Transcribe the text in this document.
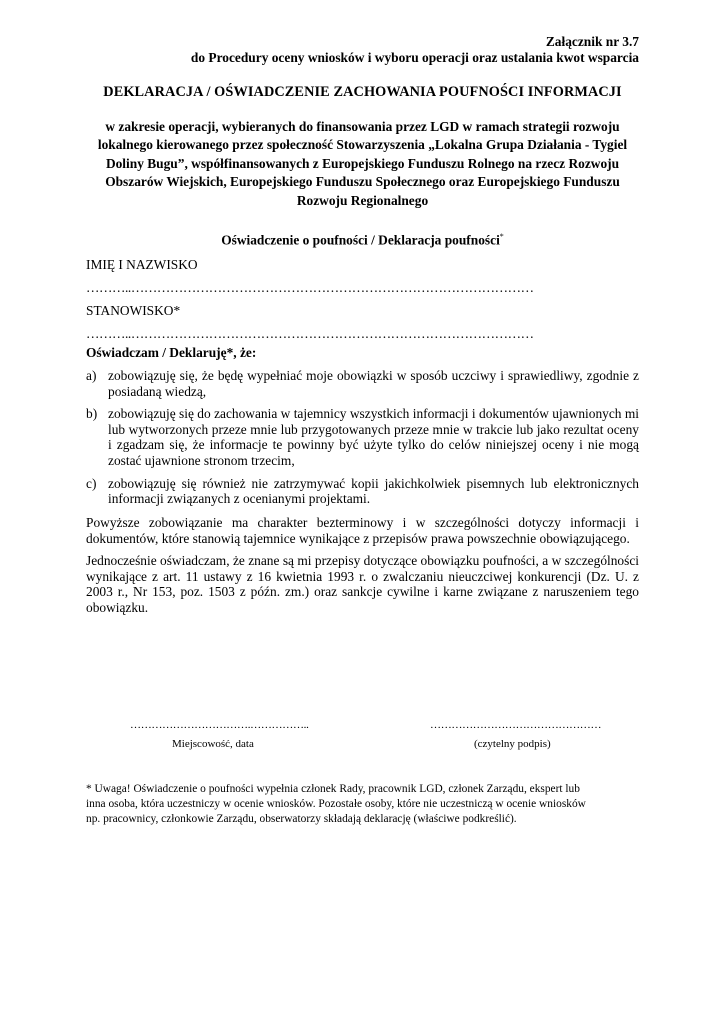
Załącznik nr 3.7
do Procedury oceny wniosków i wyboru operacji oraz ustalania kwot wsparcia
DEKLARACJA / OŚWIADCZENIE ZACHOWANIA POUFNOŚCI INFORMACJI
w zakresie operacji, wybieranych do finansowania przez LGD w ramach strategii rozwoju
lokalnego kierowanego przez społeczność Stowarzyszenia „Lokalna Grupa Działania - Tygiel
Doliny Bugu”, współfinansowanych z Europejskiego Funduszu Rolnego na rzecz Rozwoju
Obszarów Wiejskich, Europejskiego Funduszu Społecznego oraz Europejskiego Funduszu
Rozwoju Regionalnego
Oświadczenie o poufności / Deklaracja poufności*
IMIĘ I NAZWISKO
………..…………………………………………………………………………………
STANOWISKO*
………..…………………………………………………………………………………
Oświadczam / Deklaruję*, że:
a) zobowiązuję się, że będę wypełniać moje obowiązki w sposób uczciwy i sprawiedliwy, zgodnie z posiadaną wiedzą,
b) zobowiązuję się do zachowania w tajemnicy wszystkich informacji i dokumentów ujawnionych mi lub wytworzonych przeze mnie lub przygotowanych przeze mnie w trakcie lub jako rezultat oceny i zgadzam się, że informacje te powinny być użyte tylko do celów niniejszej oceny i nie mogą zostać ujawnione stronom trzecim,
c) zobowiązuję się również nie zatrzymywać kopii jakichkolwiek pisemnych lub elektronicznych informacji związanych z ocenianymi projektami.
Powyższe zobowiązanie ma charakter bezterminowy i w szczególności dotyczy informacji i dokumentów, które stanowią tajemnice wynikające z przepisów prawa powszechnie obowiązującego.
Jednocześnie oświadczam, że znane są mi przepisy dotyczące obowiązku poufności, a w szczególności wynikające z art. 11 ustawy z 16 kwietnia 1993 r. o zwalczaniu nieuczciwej konkurencji (Dz. U. z 2003 r., Nr 153, poz. 1503 z późn. zm.) oraz sankcje cywilne i karne związane z naruszeniem tego obowiązku.
…………………………….……………..
Miejscowość, data
…………………………………………
(czytelny podpis)
* Uwaga! Oświadczenie o poufności wypełnia członek Rady, pracownik LGD, członek Zarządu, ekspert lub
inna osoba, która uczestniczy w ocenie wniosków. Pozostałe osoby, które nie uczestniczą w ocenie wniosków
np. pracownicy, członkowie Zarządu, obserwatorzy składają deklarację (właściwe podkreślić).
